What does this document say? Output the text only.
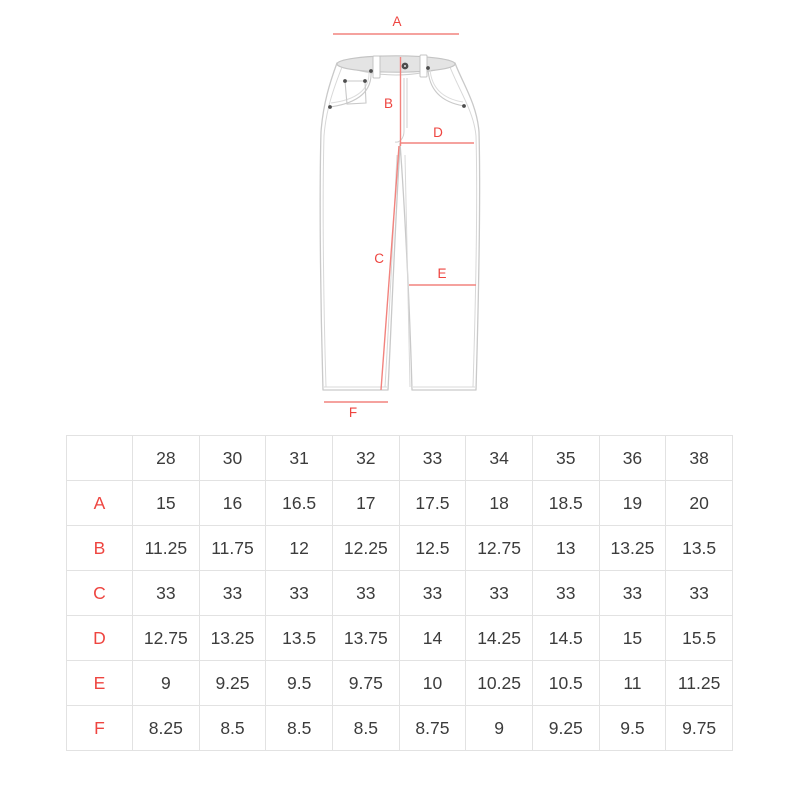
A
B
C
D
E
F
	28	30	31	32	33	34	35	36	38
A	15	16	16.5	17	17.5	18	18.5	19	20
B	11.25	11.75	12	12.25	12.5	12.75	13	13.25	13.5
C	33	33	33	33	33	33	33	33	33
D	12.75	13.25	13.5	13.75	14	14.25	14.5	15	15.5
E	9	9.25	9.5	9.75	10	10.25	10.5	11	11.25
F	8.25	8.5	8.5	8.5	8.75	9	9.25	9.5	9.75
